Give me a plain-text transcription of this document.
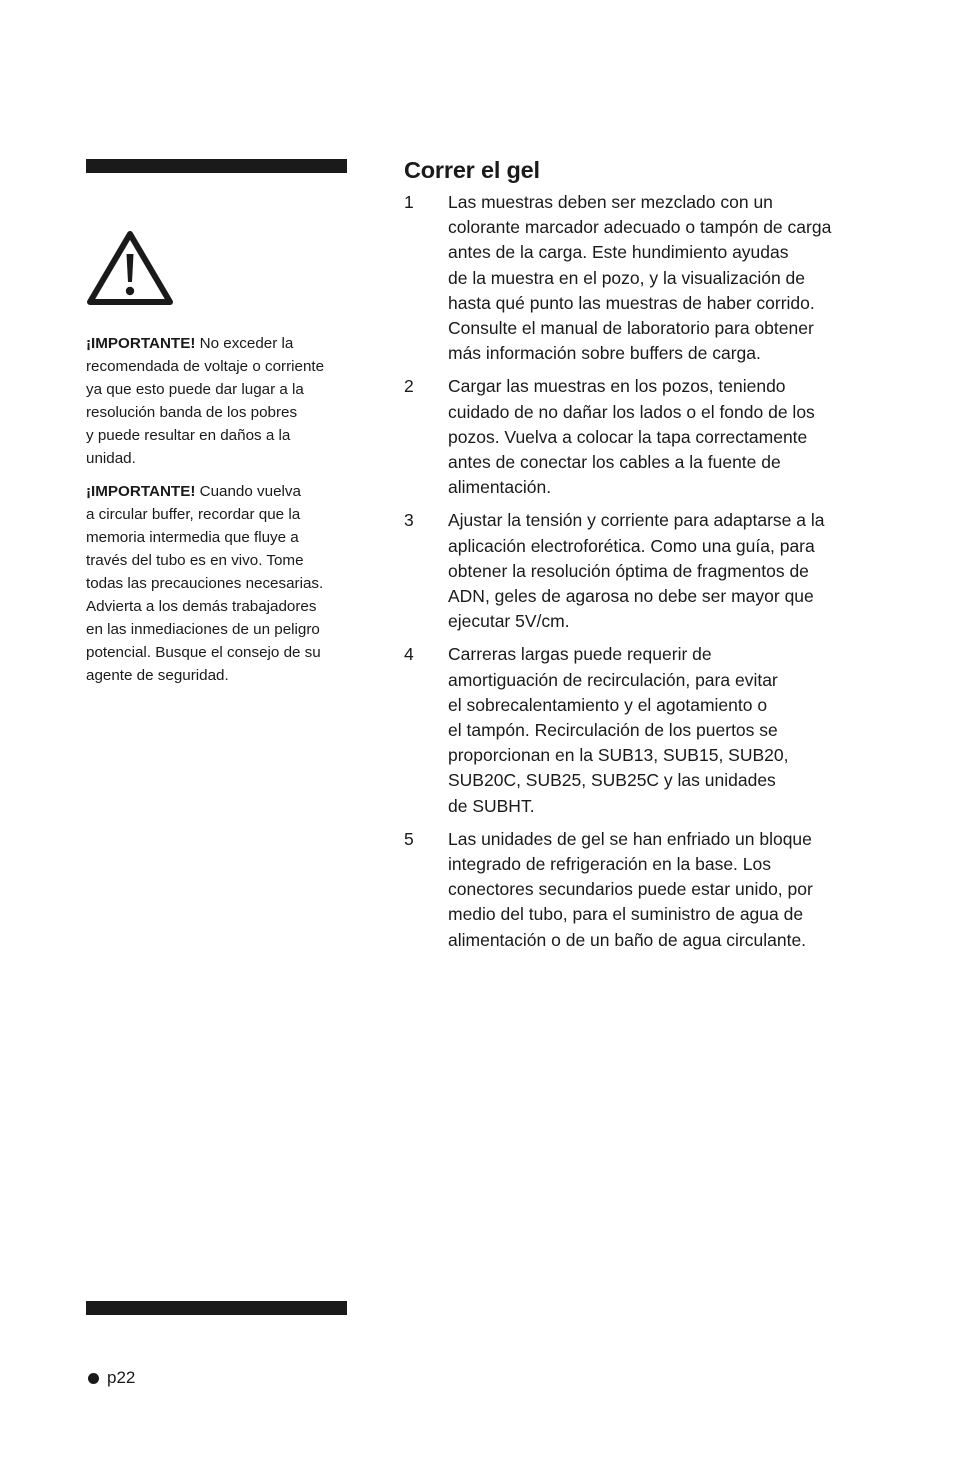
¡IMPORTANTE! No exceder la
recomendada de voltaje o corriente
ya que esto puede dar lugar a la
resolución banda de los pobres
y puede resultar en daños a la
unidad.

¡IMPORTANTE! Cuando vuelva
a circular buffer, recordar que la
memoria intermedia que fluye a
través del tubo es en vivo. Tome
todas las precauciones necesarias.
Advierta a los demás trabajadores
en las inmediaciones de un peligro
potencial. Busque el consejo de su
agente de seguridad.

Correr el gel
1	Las muestras deben ser mezclado con un
colorante marcador adecuado o tampón de carga
antes de la carga. Este hundimiento ayudas
de la muestra en el pozo, y la visualización de
hasta qué punto las muestras de haber corrido.
Consulte el manual de laboratorio para obtener
más información sobre buffers de carga.
2	Cargar las muestras en los pozos, teniendo
cuidado de no dañar los lados o el fondo de los
pozos. Vuelva a colocar la tapa correctamente
antes de conectar los cables a la fuente de
alimentación.
3	Ajustar la tensión y corriente para adaptarse a la
aplicación electroforética. Como una guía, para
obtener la resolución óptima de fragmentos de
ADN, geles de agarosa no debe ser mayor que
ejecutar 5V/cm.
4	Carreras largas puede requerir de
amortiguación de recirculación, para evitar
el sobrecalentamiento y el agotamiento o
el tampón. Recirculación de los puertos se
proporcionan en la SUB13, SUB15, SUB20,
SUB20C, SUB25, SUB25C y las unidades
de SUBHT.
5	Las unidades de gel se han enfriado un bloque
integrado de refrigeración en la base. Los
conectores secundarios puede estar unido, por
medio del tubo, para el suministro de agua de
alimentación o de un baño de agua circulante.
p22
